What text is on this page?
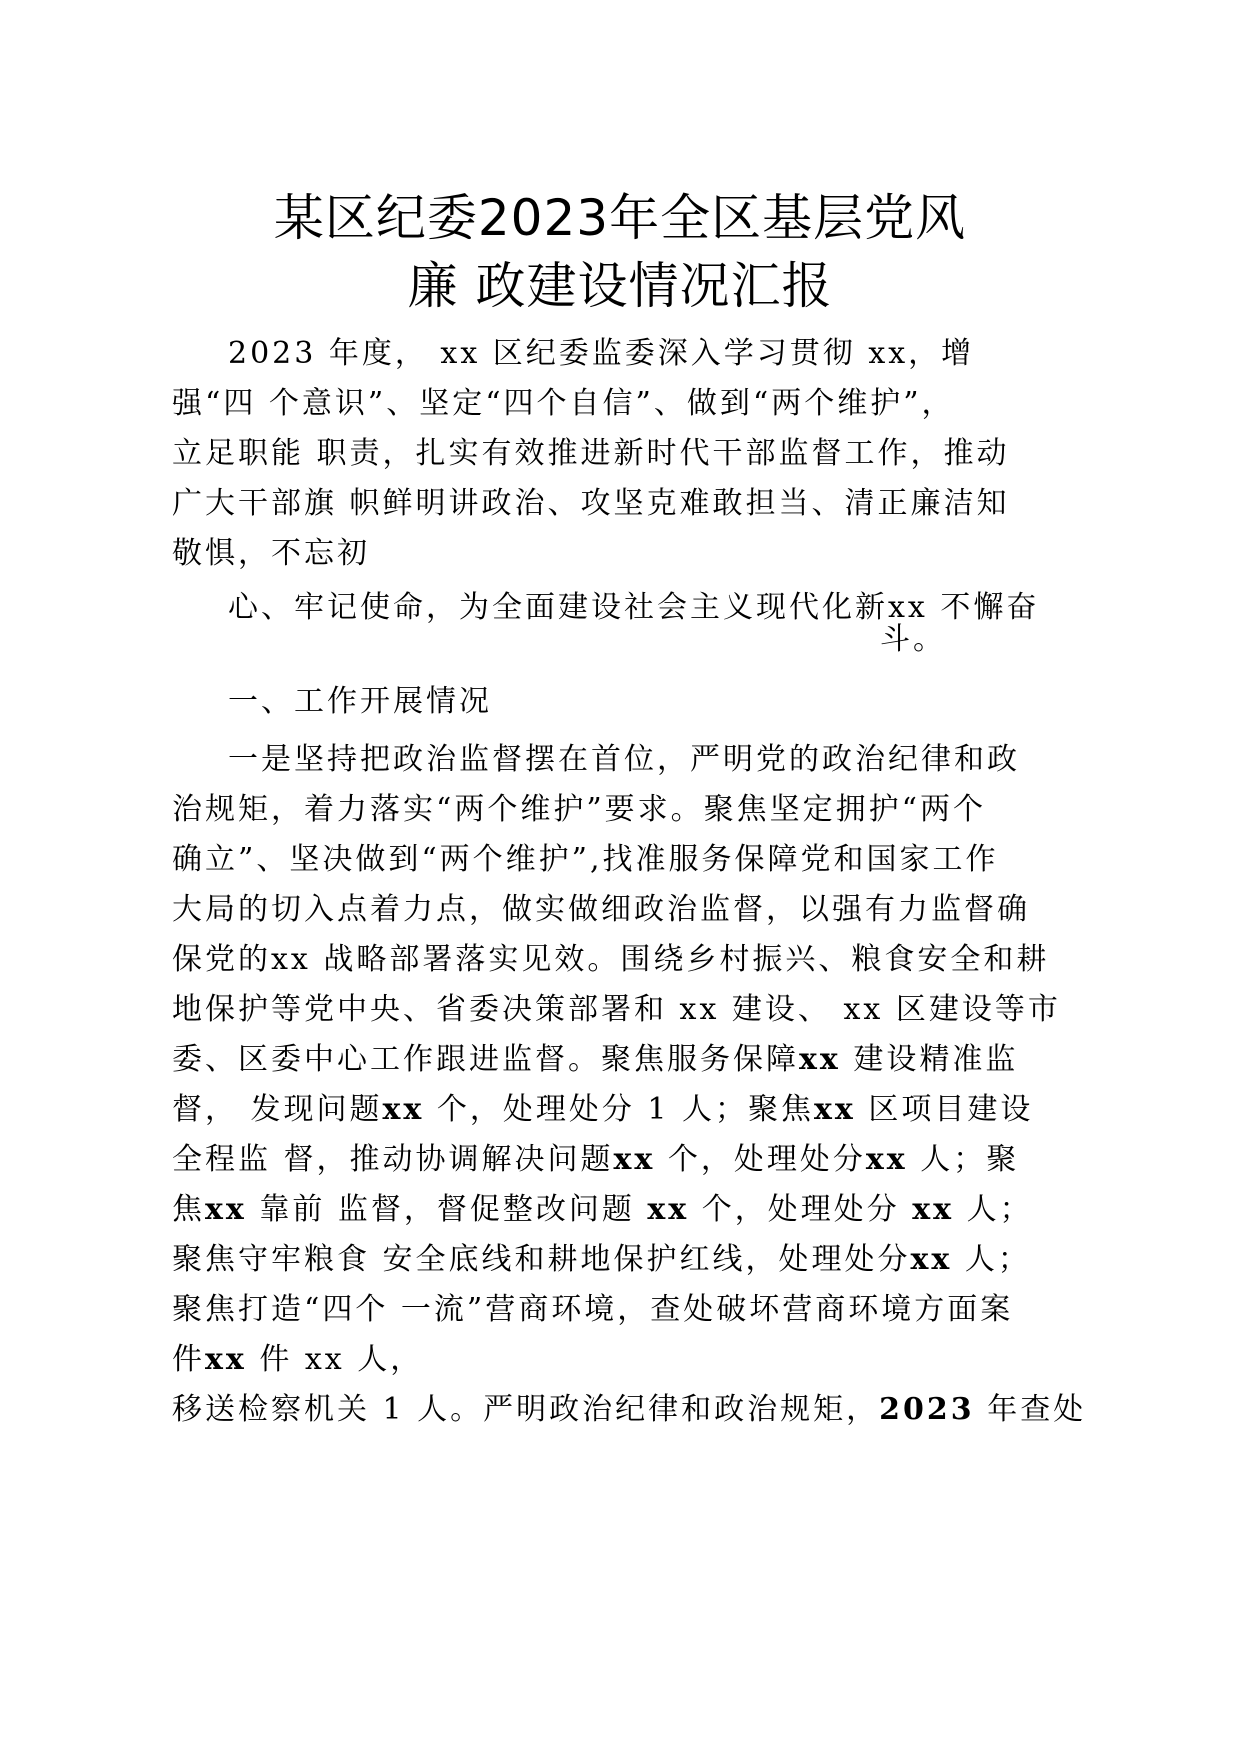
某区纪委2023年全区基层党风
廉 政建设情况汇报
2023 年度， xx 区纪委监委深入学习贯彻 xx，增
强“四 个意识”、坚定“四个自信”、做到“两个维护”，
立足职能 职责，扎实有效推进新时代干部监督工作，推动
广大干部旗 帜鲜明讲政治、攻坚克难敢担当、清正廉洁知
敬惧，不忘初
心、牢记使命，为全面建设社会主义现代化新xx 不懈奋
斗。
一、工作开展情况
一是坚持把政治监督摆在首位，严明党的政治纪律和政
治规矩，着力落实“两个维护”要求。聚焦坚定拥护“两个
确立”、坚决做到“两个维护”,找准服务保障党和国家工作
大局的切入点着力点，做实做细政治监督，以强有力监督确
保党的xx 战略部署落实见效。围绕乡村振兴、粮食安全和耕
地保护等党中央、省委决策部署和 xx 建设、 xx 区建设等市
委、区委中心工作跟进监督。聚焦服务保障xx 建设精准监
督， 发现问题xx 个，处理处分 1 人；聚焦xx 区项目建设
全程监 督，推动协调解决问题xx 个，处理处分xx 人；聚
焦xx 靠前 监督，督促整改问题 xx 个，处理处分 xx 人；
聚焦守牢粮食 安全底线和耕地保护红线，处理处分xx 人；
聚焦打造“四个 一流”营商环境，查处破坏营商环境方面案
件xx 件 xx 人，
移送检察机关 1 人。严明政治纪律和政治规矩，2023 年查处
